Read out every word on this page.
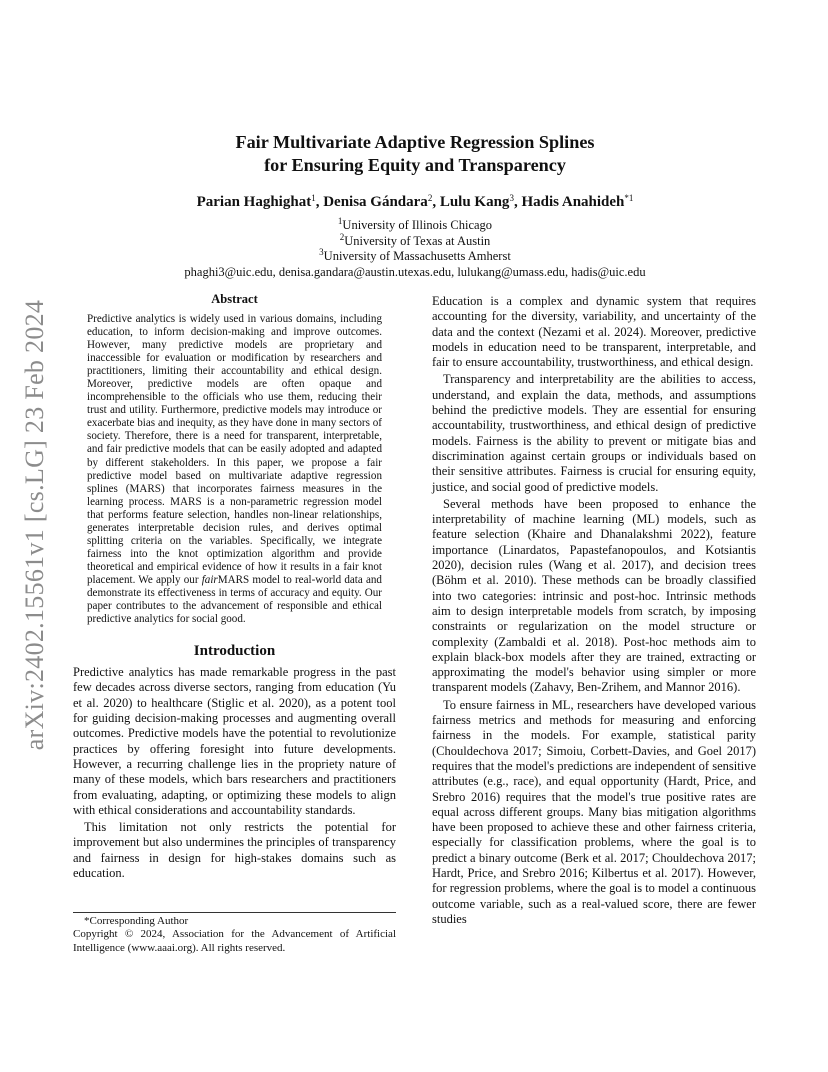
arXiv:2402.15561v1 [cs.LG] 23 Feb 2024
Fair Multivariate Adaptive Regression Splines
for Ensuring Equity and Transparency
Parian Haghighat$^1$, Denisa Gándara$^2$, Lulu Kang$^3$, Hadis Anahideh$^{*1}$
$^1$University of Illinois Chicago
$^2$University of Texas at Austin
$^3$University of Massachusetts Amherst
phaghi3@uic.edu, denisa.gandara@austin.utexas.edu, lulukang@umass.edu, hadis@uic.edu
Abstract

Predictive analytics is widely used in various domains, including education, to inform decision-making and improve outcomes. However, many predictive models are proprietary and inaccessible for evaluation or modification by researchers and practitioners, limiting their accountability and ethical design. Moreover, predictive models are often opaque and incomprehensible to the officials who use them, reducing their trust and utility. Furthermore, predictive models may introduce or exacerbate bias and inequity, as they have done in many sectors of society. Therefore, there is a need for transparent, interpretable, and fair predictive models that can be easily adopted and adapted by different stakeholders. In this paper, we propose a fair predictive model based on multivariate adaptive regression splines (MARS) that incorporates fairness measures in the learning process. MARS is a non-parametric regression model that performs feature selection, handles non-linear relationships, generates interpretable decision rules, and derives optimal splitting criteria on the variables. Specifically, we integrate fairness into the knot optimization algorithm and provide theoretical and empirical evidence of how it results in a fair knot placement. We apply our fairMARS model to real-world data and demonstrate its effectiveness in terms of accuracy and equity. Our paper contributes to the advancement of responsible and ethical predictive analytics for social good.

Introduction

Predictive analytics has made remarkable progress in the past few decades across diverse sectors, ranging from education (Yu et al. 2020) to healthcare (Stiglic et al. 2020), as a potent tool for guiding decision-making processes and augmenting overall outcomes. Predictive models have the potential to revolutionize practices by offering foresight into future developments. However, a recurring challenge lies in the propriety nature of many of these models, which bars researchers and practitioners from evaluating, adapting, or optimizing these models to align with ethical considerations and accountability standards.

This limitation not only restricts the potential for improvement but also undermines the principles of transparency and fairness in design for high-stakes domains such as education.

*Corresponding Author

Copyright © 2024, Association for the Advancement of Artificial Intelligence (www.aaai.org). All rights reserved.

Education is a complex and dynamic system that requires accounting for the diversity, variability, and uncertainty of the data and the context (Nezami et al. 2024). Moreover, predictive models in education need to be transparent, interpretable, and fair to ensure accountability, trustworthiness, and ethical design.

Transparency and interpretability are the abilities to access, understand, and explain the data, methods, and assumptions behind the predictive models. They are essential for ensuring accountability, trustworthiness, and ethical design of predictive models. Fairness is the ability to prevent or mitigate bias and discrimination against certain groups or individuals based on their sensitive attributes. Fairness is crucial for ensuring equity, justice, and social good of predictive models.

Several methods have been proposed to enhance the interpretability of machine learning (ML) models, such as feature selection (Khaire and Dhanalakshmi 2022), feature importance (Linardatos, Papastefanopoulos, and Kotsiantis 2020), decision rules (Wang et al. 2017), and decision trees (Böhm et al. 2010). These methods can be broadly classified into two categories: intrinsic and post-hoc. Intrinsic methods aim to design interpretable models from scratch, by imposing constraints or regularization on the model structure or complexity (Zambaldi et al. 2018). Post-hoc methods aim to explain black-box models after they are trained, extracting or approximating the model's behavior using simpler or more transparent models (Zahavy, Ben-Zrihem, and Mannor 2016).

To ensure fairness in ML, researchers have developed various fairness metrics and methods for measuring and enforcing fairness in the models. For example, statistical parity (Chouldechova 2017; Simoiu, Corbett-Davies, and Goel 2017) requires that the model's predictions are independent of sensitive attributes (e.g., race), and equal opportunity (Hardt, Price, and Srebro 2016) requires that the model's true positive rates are equal across different groups. Many bias mitigation algorithms have been proposed to achieve these and other fairness criteria, especially for classification problems, where the goal is to predict a binary outcome (Berk et al. 2017; Chouldechova 2017; Hardt, Price, and Srebro 2016; Kilbertus et al. 2017). However, for regression problems, where the goal is to model a continuous outcome variable, such as a real-valued score, there are fewer studies
